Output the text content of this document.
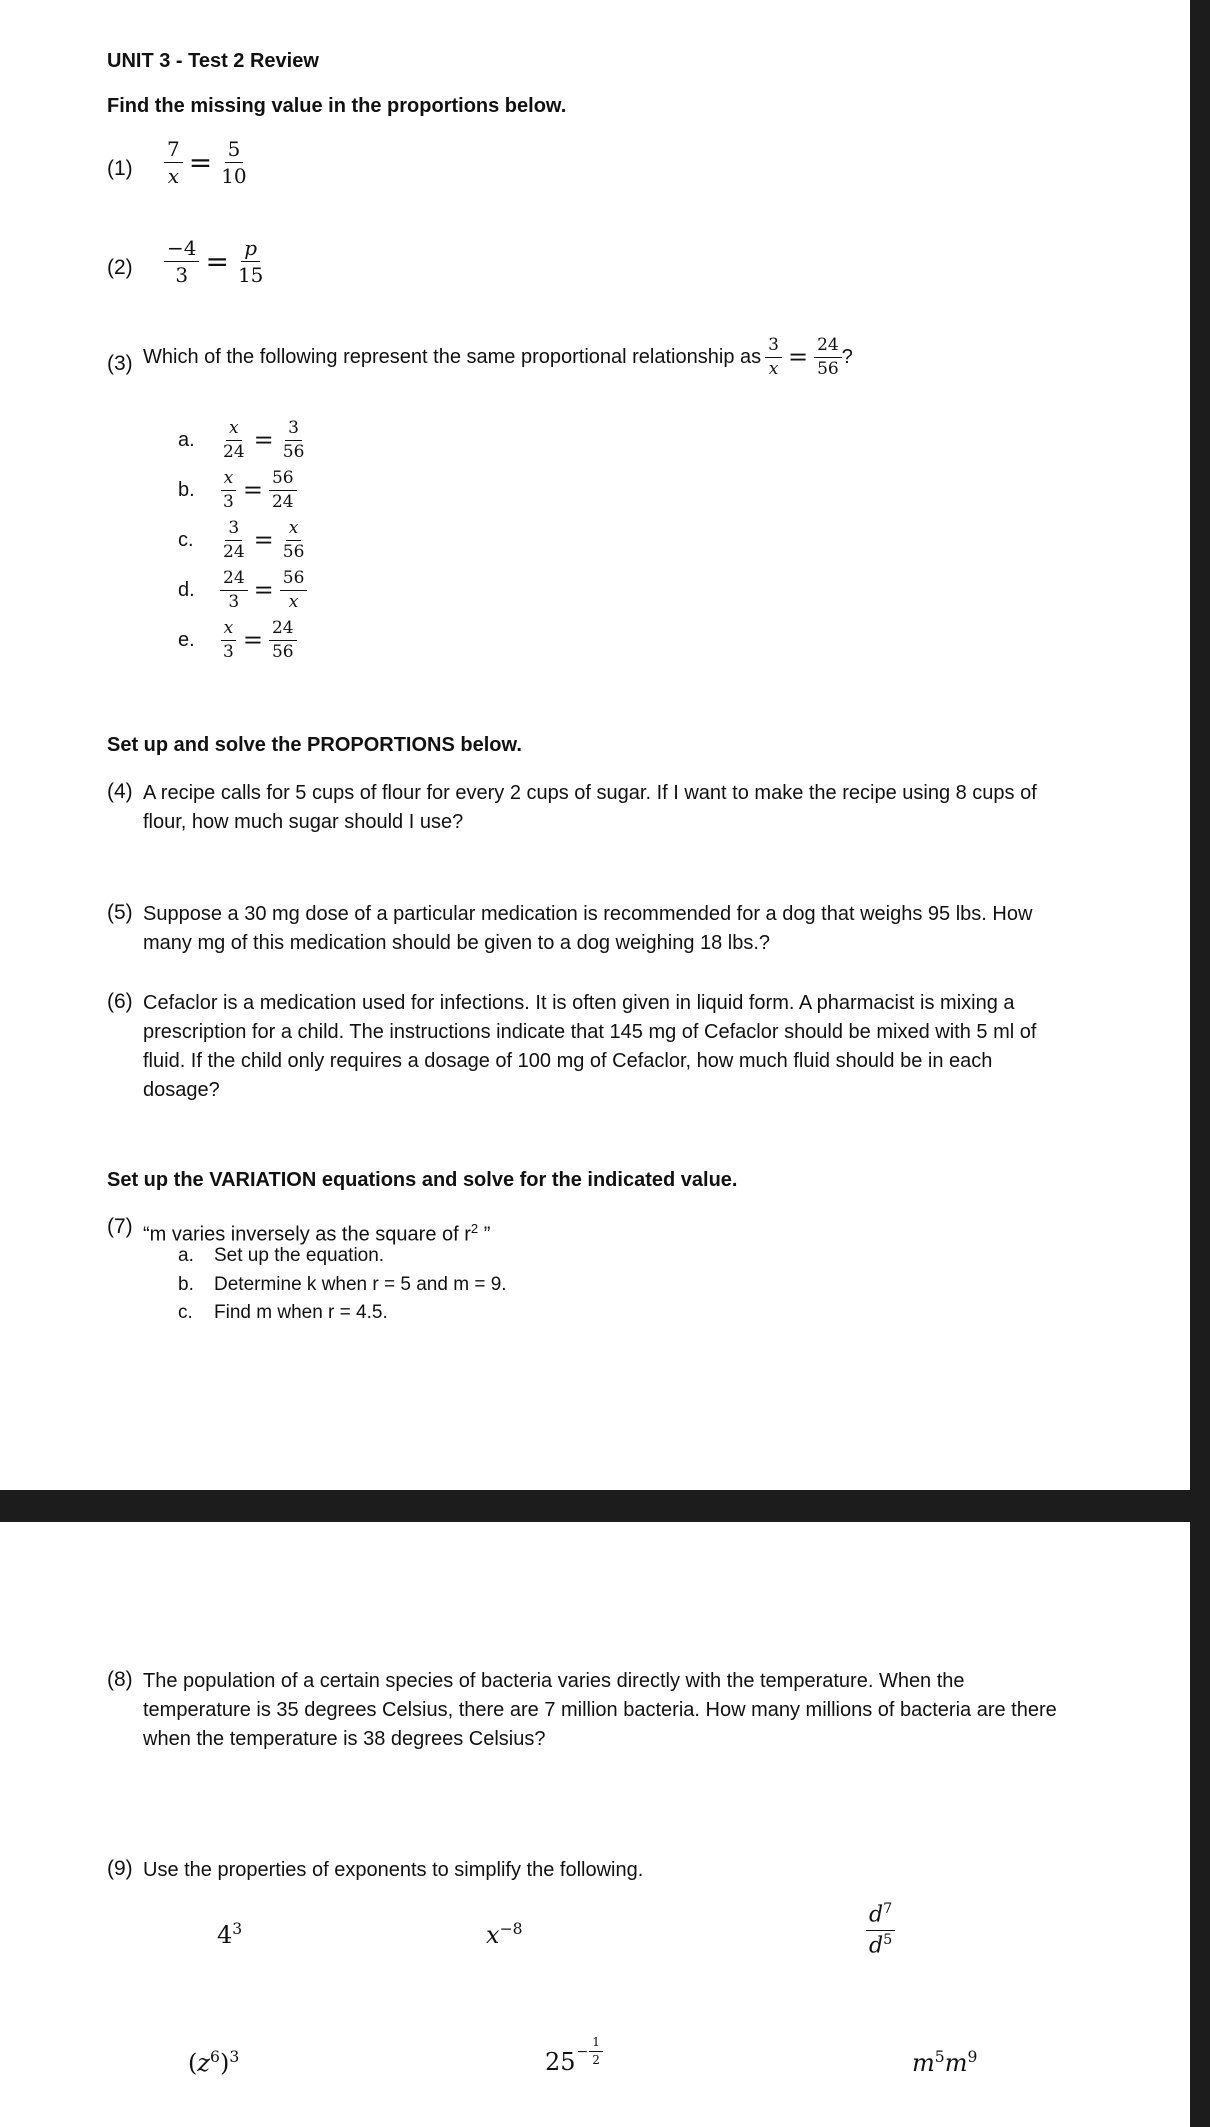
UNIT 3 - Test 2 Review
Find the missing value in the proportions below.
$(1) \frac{7}{x} = \frac{5}{10}$
$(2) \frac{-4}{3} = \frac{p}{15}$
(3) Which of the following represent the same proportional relationship as $\frac{3}{x} = \frac{24}{56}$ ?
a.	$\frac{x}{24} = \frac{3}{56}$
b.	$\frac{x}{3} = \frac{56}{24}$
c.	$\frac{3}{24} = \frac{x}{56}$
d.	$\frac{24}{3} = \frac{56}{x}$
e.	$\frac{x}{3} = \frac{24}{56}$
Set up and solve the PROPORTIONS below.
(4) A recipe calls for 5 cups of flour for every 2 cups of sugar. If I want to make the recipe using 8 cups of flour, how much sugar should I use?
(5) Suppose a 30 mg dose of a particular medication is recommended for a dog that weighs 95 lbs. How many mg of this medication should be given to a dog weighing 18 lbs.?
(6) Cefaclor is a medication used for infections. It is often given in liquid form. A pharmacist is mixing a prescription for a child. The instructions indicate that 145 mg of Cefaclor should be mixed with 5 ml of fluid. If the child only requires a dosage of 100 mg of Cefaclor, how much fluid should be in each dosage?
Set up the VARIATION equations and solve for the indicated value.
(7) “m varies inversely as the square of $r^2$ ”
a. Set up the equation.
b. Determine k when r = 5 and m = 9.
c. Find m when r = 4.5.
(8) The population of a certain species of bacteria varies directly with the temperature. When the temperature is 35 degrees Celsius, there are 7 million bacteria. How many millions of bacteria are there when the temperature is 38 degrees Celsius?
(9) Use the properties of exponents to simplify the following.
$4^3$	$x^{-8}$	$\frac{d^7}{d^5}$
$(z^6)^3$	$25 - \frac{1}{2}$	$m^5m^9$
